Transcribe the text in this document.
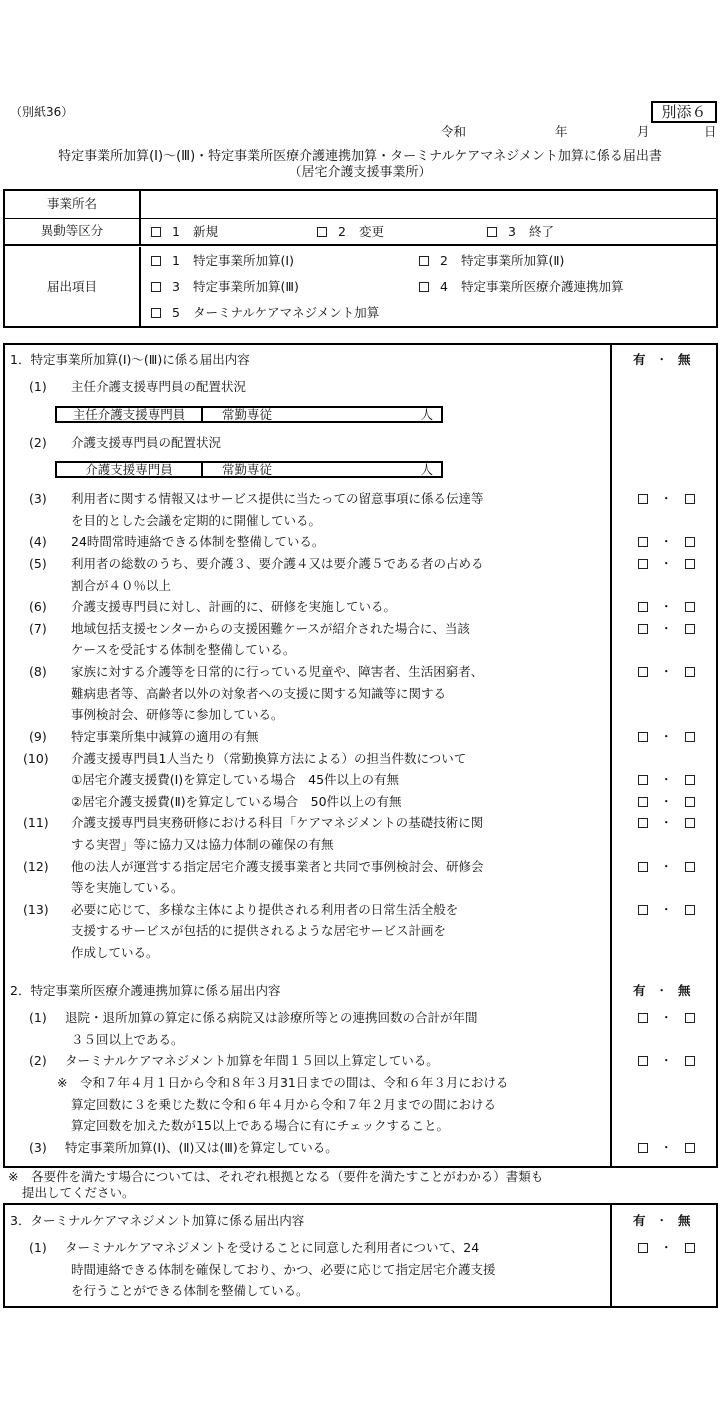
（別紙36）	別添６
令和	年	月	日
特定事業所加算(Ⅰ)～(Ⅲ)・特定事業所医療介護連携加算・ターミナルケアマネジメント加算に係る届出書
（居宅介護支援事業所）
事業所名
異動等区分	1 新規	2 変更	3 終了
届出項目
1 特定事業所加算(Ⅰ)	2 特定事業所加算(Ⅱ)
3 特定事業所加算(Ⅲ)	4 特定事業所医療介護連携加算
5 ターミナルケアマネジメント加算
1．特定事業所加算(Ⅰ)～(Ⅲ)に係る届出内容	有 ・ 無
(1) 主任介護支援専門員の配置状況
主任介護支援専門員	常勤専従	人
(2) 介護支援専門員の配置状況
介護支援専門員	常勤専従	人
(3) 利用者に関する情報又はサービス提供に当たっての留意事項に係る伝達等
を目的とした会議を定期的に開催している。
・
(4) 24時間常時連絡できる体制を整備している。	・
(5) 利用者の総数のうち、要介護３、要介護４又は要介護５である者の占める
割合が４０％以上
・
(6) 介護支援専門員に対し、計画的に、研修を実施している。	・
(7) 地域包括支援センターからの支援困難ケースが紹介された場合に、当該
ケースを受託する体制を整備している。
・
(8) 家族に対する介護等を日常的に行っている児童や、障害者、生活困窮者、
難病患者等、高齢者以外の対象者への支援に関する知識等に関する
事例検討会、研修等に参加している。
・
(9) 特定事業所集中減算の適用の有無	・
(10) 介護支援専門員1人当たり（常勤換算方法による）の担当件数について
①居宅介護支援費(Ⅰ)を算定している場合　45件以上の有無	・
②居宅介護支援費(Ⅱ)を算定している場合　50件以上の有無	・
(11) 介護支援専門員実務研修における科目「ケアマネジメントの基礎技術に関
する実習」等に協力又は協力体制の確保の有無
・
(12) 他の法人が運営する指定居宅介護支援事業者と共同で事例検討会、研修会
等を実施している。
・
(13) 必要に応じて、多様な主体により提供される利用者の日常生活全般を
支援するサービスが包括的に提供されるような居宅サービス計画を
作成している。
・
2．特定事業所医療介護連携加算に係る届出内容	有 ・ 無
(1) 退院・退所加算の算定に係る病院又は診療所等との連携回数の合計が年間
３５回以上である。
・
(2) ターミナルケアマネジメント加算を年間１５回以上算定している。	・
※　令和７年４月１日から令和８年３月31日までの間は、令和６年３月における
算定回数に３を乗じた数に令和６年４月から令和７年２月までの間における
算定回数を加えた数が15以上である場合に有にチェックすること。
(3) 特定事業所加算(Ⅰ)、(Ⅱ)又は(Ⅲ)を算定している。	・
※　各要件を満たす場合については、それぞれ根拠となる（要件を満たすことがわかる）書類も
提出してください。
3．ターミナルケアマネジメント加算に係る届出内容	有 ・ 無
(1) ターミナルケアマネジメントを受けることに同意した利用者について、24
時間連絡できる体制を確保しており、かつ、必要に応じて指定居宅介護支援
を行うことができる体制を整備している。
・
